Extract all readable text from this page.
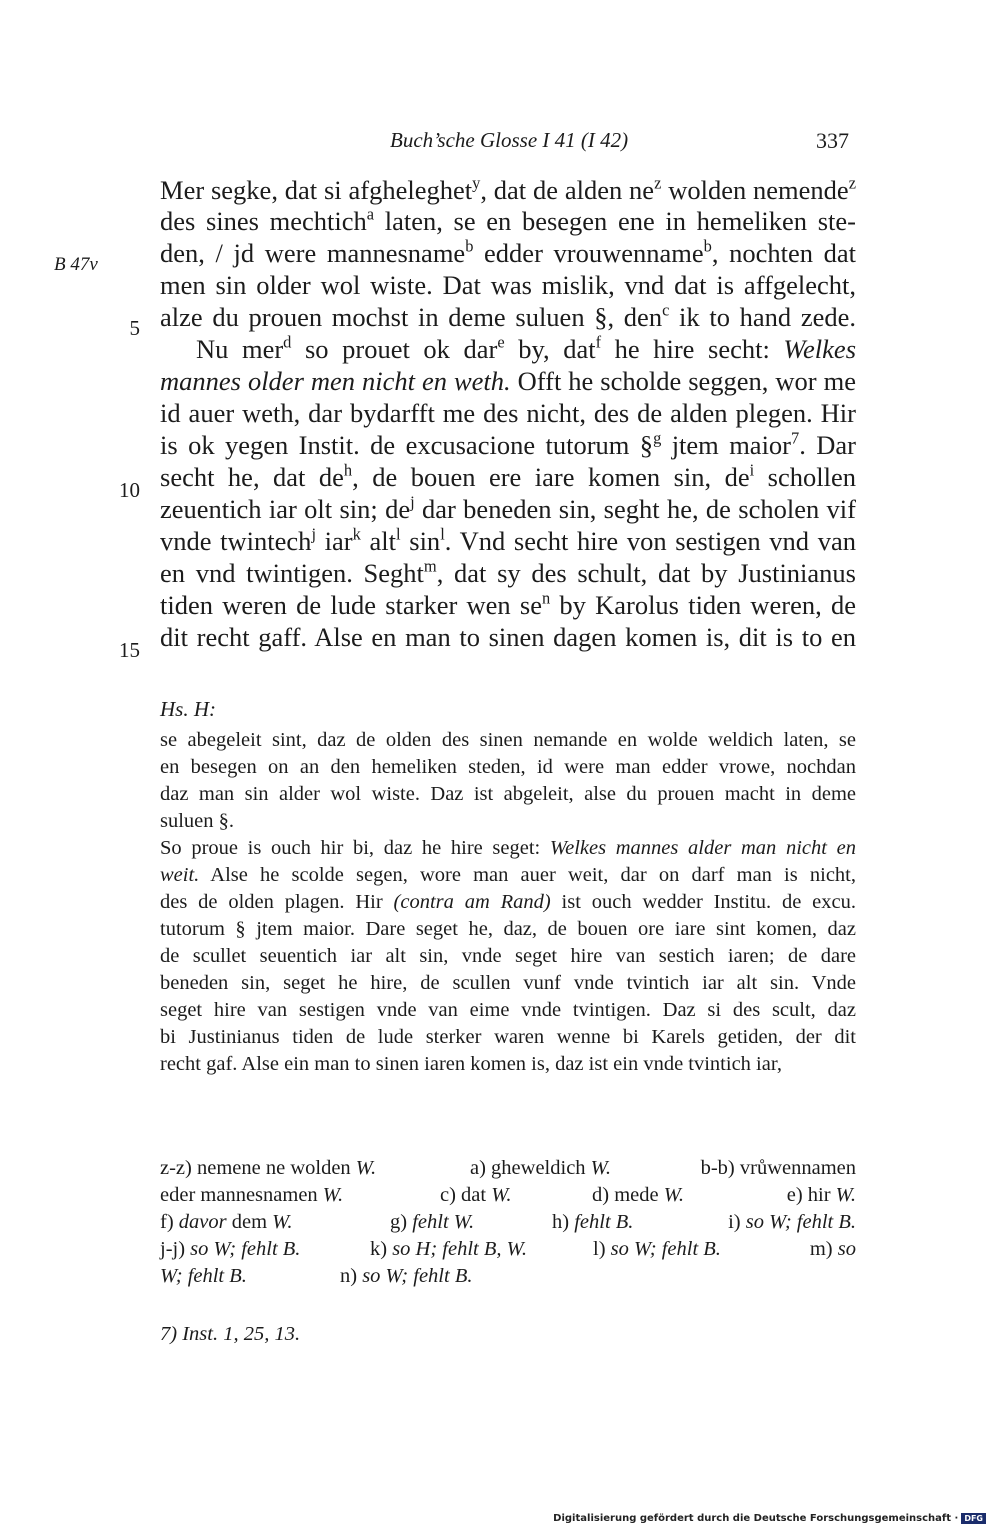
Buch’sche Glosse I 41 (I 42)	337
B 47v
5
10
15
Mer segke, dat si afgheleghet$^y$, dat de alden $ne^z$ wolden nemende$^z$
des sines mechtich$^a$ laten, se en besegen ene in hemeliken ste-
den, / jd were mannesname$^b$ edder vrouwenname$^b$, nochten dat
men sin older wol wiste. Dat was mislik, vnd dat is affgelecht,
alze du prouen mochst in deme suluen §, den$^c$ ik to hand zede.
Nu mer$^d$ so prouet ok dar$^e$ by, dat$^f$ he hire secht: Welkes
mannes older men nicht en weth. Offt he scholde seggen, wor me
id auer weth, dar bydarfft me des nicht, des de alden plegen. Hir
is ok yegen Instit. de excusacione tutorum §$^g$ jtem maior$^7$. Dar
secht he, dat $de^h$, de bouen ere iare komen sin, $de^i$ schollen
zeuentich iar olt sin; $de^j$ dar beneden sin, seght he, de scholen vif
vnde twintech$^j$ iar$^k$ alt$^l$ $\sin^l$. Vnd secht hire von sestigen vnd van
en vnd twintigen. Seght$^m$, dat sy des schult, dat by Justinianus
tiden weren de lude starker wen $se^n$ by Karolus tiden weren, de
dit recht gaff. Alse en man to sinen dagen komen is, dit is to en
Hs. H:
se abegeleit sint, daz de olden des sinen nemande en wolde weldich laten, se
en besegen on an den hemeliken steden, id were man edder vrowe, nochdan
daz man sin alder wol wiste. Daz ist abgeleit, alse du prouen macht in deme
suluen §.
So proue is ouch hir bi, daz he hire seget: Welkes mannes alder man nicht en
weit. Alse he scolde segen, wore man auer weit, dar on darf man is nicht,
des de olden plagen. Hir (contra am Rand) ist ouch wedder Institu. de excu.
tutorum § jtem maior. Dare seget he, daz, de bouen ore iare sint komen, daz
de scullet seuentich iar alt sin, vnde seget hire van sestich iaren; de dare
beneden sin, seget he hire, de scullen vunf vnde tvintich iar alt sin. Vnde
seget hire van sestigen vnde van eime vnde tvintigen. Daz si des scult, daz
bi Justinianus tiden de lude sterker waren wenne bi Karels getiden, der dit
recht gaf. Alse ein man to sinen iaren komen is, daz ist ein vnde tvintich iar,
z-z) nemene ne wolden W.	a) gheweldich W.	b-b) vrůwennamen
eder mannesnamen W.	c) dat W.	d) mede W.	e) hir W.
f) davor dem W.	g) fehlt W.	h) fehlt B.	i) so W; fehlt B.
j-j) so W; fehlt B.	k) so H; fehlt B, W.	l) so W; fehlt B.	m) so
W; fehlt B.	n) so W; fehlt B.
7) Inst. 1, 25, 13.
Digitalisierung gefördert durch die Deutsche Forschungsgemeinschaft · DFG
